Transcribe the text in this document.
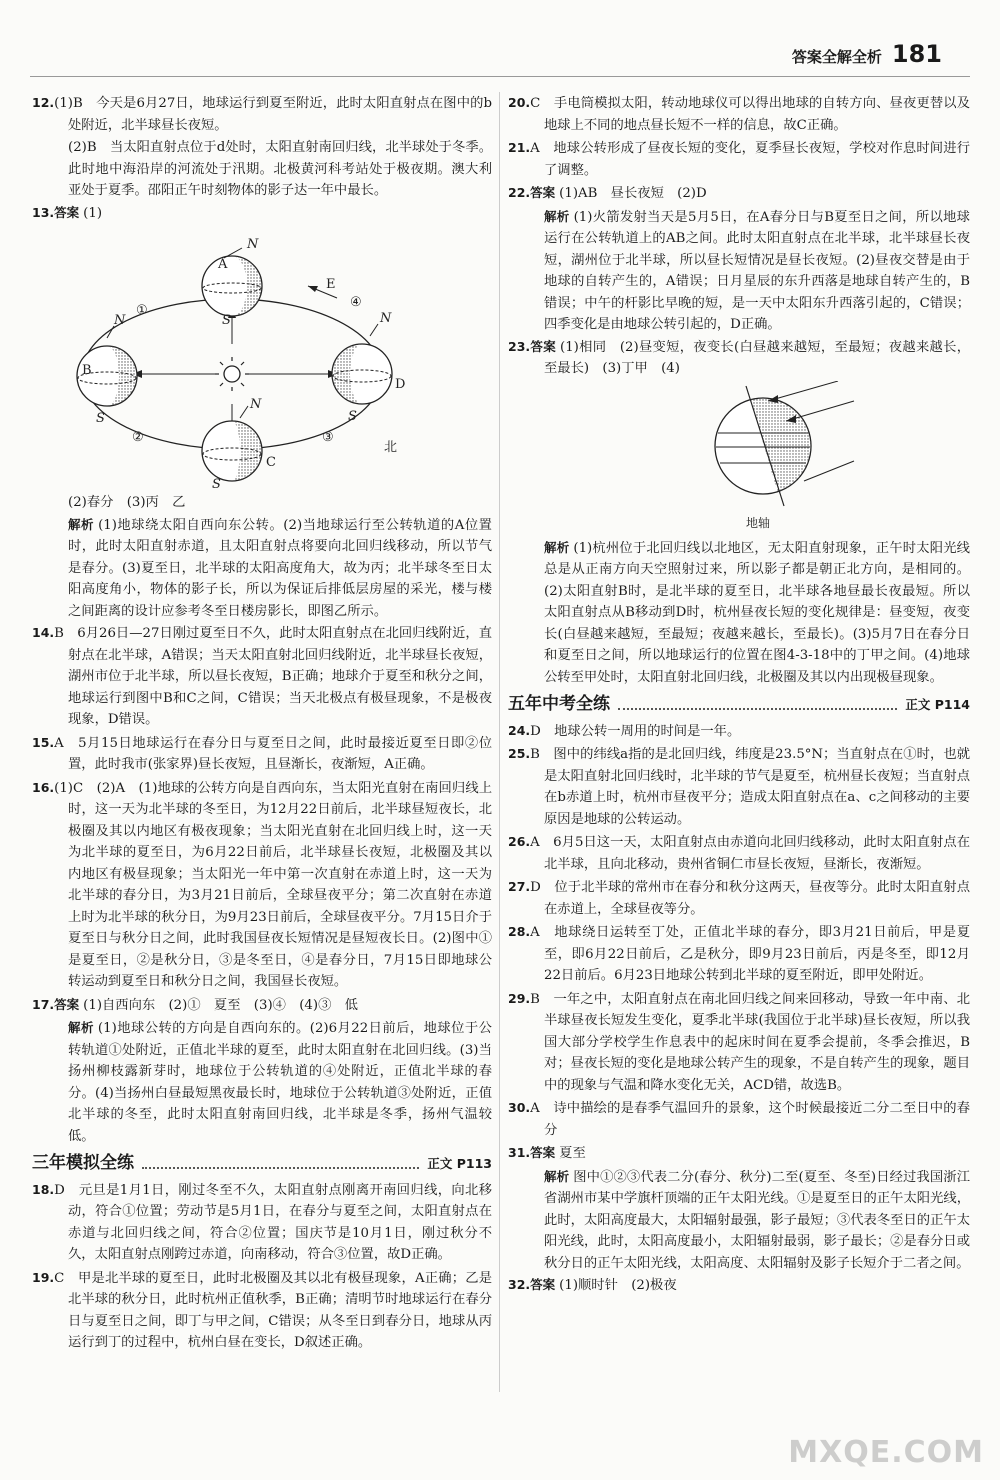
答案全解全析 181

12.(1)B　今天是6月27日，地球运行到夏至附近，此时太阳直射点在图中的b处附近，北半球昼长夜短。

(2)B　当太阳直射点位于d处时，太阳直射南回归线，北半球处于冬季。此时地中海沿岸的河流处于汛期。北极黄河科考站处于极夜期。澳大利亚处于夏季。邵阳正午时刻物体的影子达一年中最长。

13.答案 (1)

A
N
S
B
N
S
D
N
S
C
N
S
E
①
②	③
④
北

(2)春分　(3)丙　乙

解析 (1)地球绕太阳自西向东公转。(2)当地球运行至公转轨道的A位置时，此时太阳直射赤道，且太阳直射点将要向北回归线移动，所以节气是春分。(3)夏至日，北半球的太阳高度角大，故为丙；北半球冬至日太阳高度角小，物体的影子长，所以为保证后排低层房屋的采光，楼与楼之间距离的设计应参考冬至日楼房影长，即图乙所示。

14.B　6月26日—27日刚过夏至日不久，此时太阳直射点在北回归线附近，直射点在北半球，A错误；当天太阳直射北回归线附近，北半球昼长夜短，湖州市位于北半球，所以昼长夜短，B正确；地球介于夏至和秋分之间，地球运行到图中B和C之间，C错误；当天北极点有极昼现象，不是极夜现象，D错误。

15.A　5月15日地球运行在春分日与夏至日之间，此时最接近夏至日即②位置，此时我市(张家界)昼长夜短，且昼渐长，夜渐短，A正确。

16.(1)C　(2)A　(1)地球的公转方向是自西向东，当太阳光直射在南回归线上时，这一天为北半球的冬至日，为12月22日前后，北半球昼短夜长，北极圈及其以内地区有极夜现象；当太阳光直射在北回归线上时，这一天为北半球的夏至日，为6月22日前后，北半球昼长夜短，北极圈及其以内地区有极昼现象；当太阳光一年中第一次直射在赤道上时，这一天为北半球的春分日，为3月21日前后，全球昼夜平分；第二次直射在赤道上时为北半球的秋分日，为9月23日前后，全球昼夜平分。7月15日介于夏至日与秋分日之间，此时我国昼夜长短情况是昼短夜长日。(2)图中①是夏至日，②是秋分日，③是冬至日，④是春分日，7月15日即地球公转运动到夏至日和秋分日之间，我国昼长夜短。

17.答案 (1)自西向东　(2)①　夏至　(3)④　(4)③　低

解析 (1)地球公转的方向是自西向东的。(2)6月22日前后，地球位于公转轨道①处附近，正值北半球的夏至，此时太阳直射在北回归线。(3)当扬州柳枝露新芽时，地球位于公转轨道的④处附近，正值北半球的春分。(4)当扬州白昼最短黑夜最长时，地球位于公转轨道③处附近，正值北半球的冬至，此时太阳直射南回归线，北半球是冬季，扬州气温较低。

三年模拟全练	正文 P113

18.D　元旦是1月1日，刚过冬至不久，太阳直射点刚离开南回归线，向北移动，符合①位置；劳动节是5月1日，在春分与夏至之间，太阳直射点在赤道与北回归线之间，符合②位置；国庆节是10月1日，刚过秋分不久，太阳直射点刚跨过赤道，向南移动，符合③位置，故D正确。

19.C　甲是北半球的夏至日，此时北极圈及其以北有极昼现象，A正确；乙是北半球的秋分日，此时杭州正值秋季，B正确；清明节时地球运行在春分日与夏至日之间，即丁与甲之间，C错误；从冬至日到春分日，地球从丙运行到丁的过程中，杭州白昼在变长，D叙述正确。

20.C　手电筒模拟太阳，转动地球仪可以得出地球的自转方向、昼夜更替以及地球上不同的地点昼长短不一样的信息，故C正确。

21.A　地球公转形成了昼夜长短的变化，夏季昼长夜短，学校对作息时间进行了调整。

22.答案 (1)AB　昼长夜短　(2)D

解析 (1)火箭发射当天是5月5日，在A春分日与B夏至日之间，所以地球运行在公转轨道上的AB之间。此时太阳直射点在北半球，北半球昼长夜短，湖州位于北半球，所以昼长短情况是昼长夜短。(2)昼夜交替是由于地球的自转产生的，A错误；日月星辰的东升西落是地球自转产生的，B错误；中午的杆影比早晚的短，是一天中太阳东升西落引起的，C错误；四季变化是由地球公转引起的，D正确。

23.答案 (1)相同　(2)昼变短，夜变长(白昼越来越短，至最短；夜越来越长，至最长)　(3)丁甲　(4)

地轴

解析 (1)杭州位于北回归线以北地区，无太阳直射现象，正午时太阳光线总是从正南方向天空照射过来，所以影子都是朝正北方向，是相同的。(2)太阳直射B时，是北半球的夏至日，北半球各地昼最长夜最短。所以太阳直射点从B移动到D时，杭州昼夜长短的变化规律是：昼变短，夜变长(白昼越来越短，至最短；夜越来越长，至最长)。(3)5月7日在春分日和夏至日之间，所以地球运行的位置在图4-3-18中的丁甲之间。(4)地球公转至甲处时，太阳直射北回归线，北极圈及其以内出现极昼现象。

五年中考全练	正文 P114

24.D　地球公转一周用的时间是一年。

25.B　图中的纬线a指的是北回归线，纬度是23.5°N；当直射点在①时，也就是太阳直射北回归线时，北半球的节气是夏至，杭州昼长夜短；当直射点在b赤道上时，杭州市昼夜平分；造成太阳直射点在a、c之间移动的主要原因是地球的公转运动。

26.A　6月5日这一天，太阳直射点由赤道向北回归线移动，此时太阳直射点在北半球，且向北移动，贵州省铜仁市昼长夜短，昼渐长，夜渐短。

27.D　位于北半球的常州市在春分和秋分这两天，昼夜等分。此时太阳直射点在赤道上，全球昼夜等分。

28.A　地球绕日运转至丁处，正值北半球的春分，即3月21日前后，甲是夏至，即6月22日前后，乙是秋分，即9月23日前后，丙是冬至，即12月22日前后。6月23日地球公转到北半球的夏至附近，即甲处附近。

29.B　一年之中，太阳直射点在南北回归线之间来回移动，导致一年中南、北半球昼夜长短发生变化，夏季北半球(我国位于北半球)昼长夜短，所以我国大部分学校学生作息表中的起床时间在夏季会提前，冬季会推迟，B对；昼夜长短的变化是地球公转产生的现象，不是自转产生的现象，题目中的现象与气温和降水变化无关，ACD错，故选B。

30.A　诗中描绘的是春季气温回升的景象，这个时候最接近二分二至日中的春分

31.答案 夏至

解析 图中①②③代表二分(春分、秋分)二至(夏至、冬至)日经过我国浙江省湖州市某中学旗杆顶端的正午太阳光线。①是夏至日的正午太阳光线，此时，太阳高度最大，太阳辐射最强，影子最短；③代表冬至日的正午太阳光线，此时，太阳高度最小，太阳辐射最弱，影子最长；②是春分日或秋分日的正午太阳光线，太阳高度、太阳辐射及影子长短介于二者之间。

32.答案 (1)顺时针　(2)极夜

MXQE.COM
